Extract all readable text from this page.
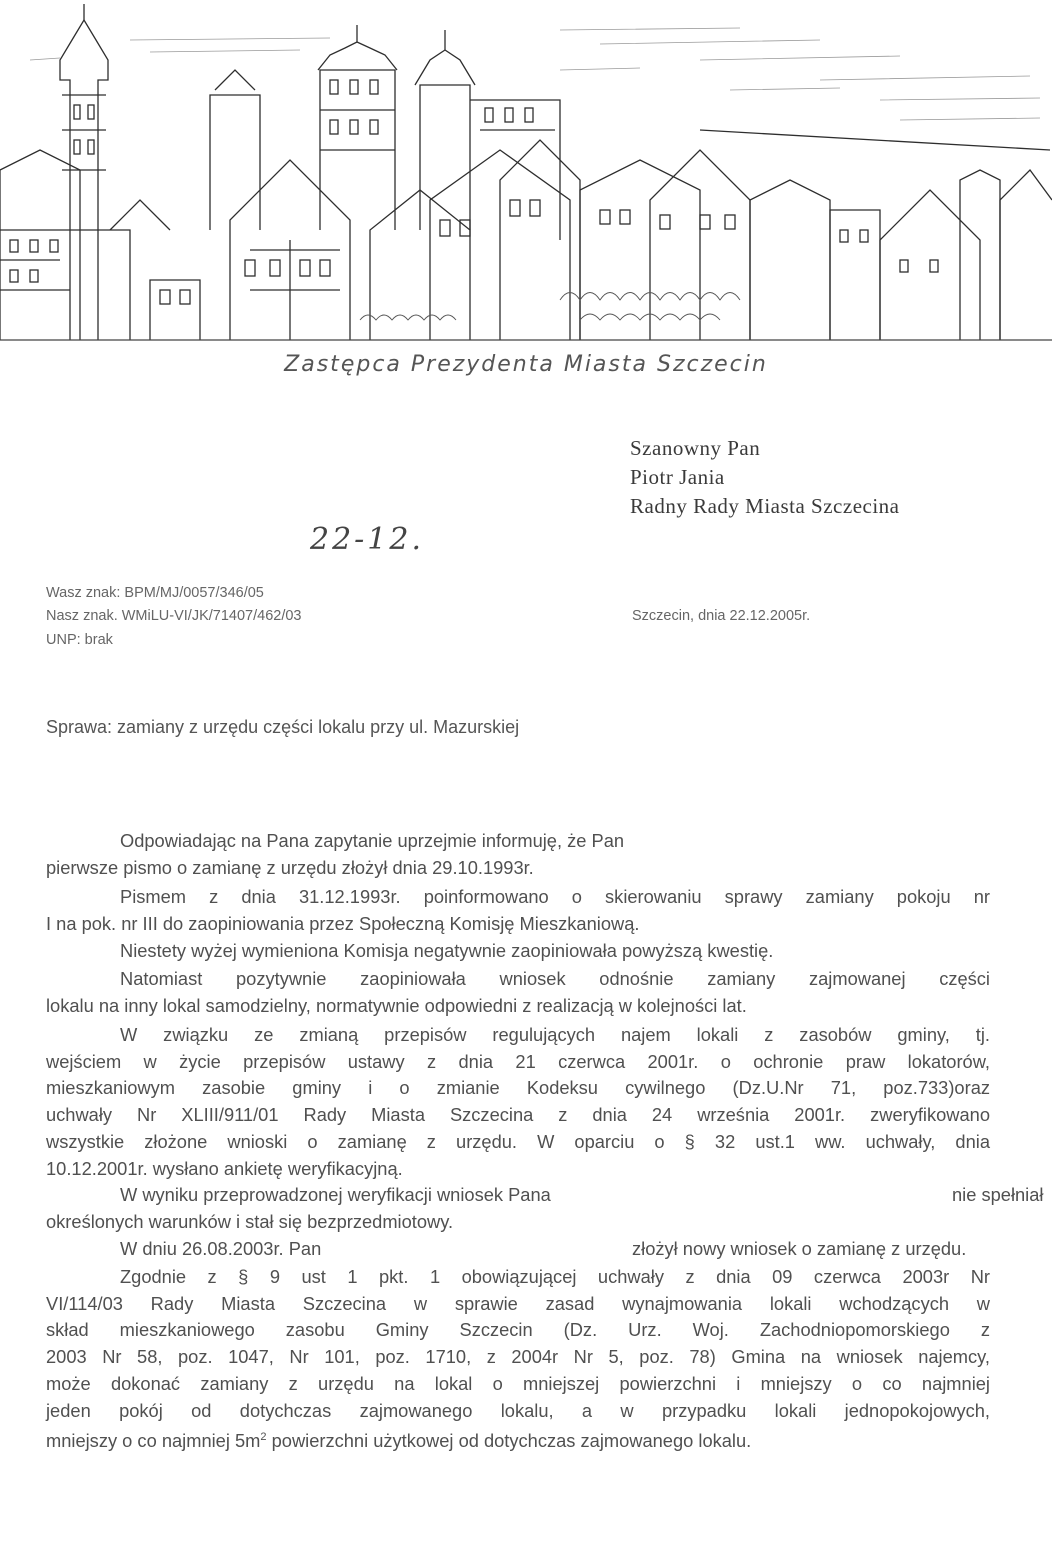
Zastępca Prezydenta Miasta Szczecin
Szanowny Pan
Piotr Jania
Radny Rady Miasta Szczecina
22-12.
Wasz znak: BPM/MJ/0057/346/05
Nasz znak. WMiLU-VI/JK/71407/462/03
UNP: brak
Szczecin, dnia 22.12.2005r.
Sprawa: zamiany z urzędu części lokalu przy ul. Mazurskiej
Odpowiadając na Pana zapytanie uprzejmie informuję, że Pan
pierwsze pismo o zamianę z urzędu złożył dnia 29.10.1993r.
Pismem z dnia 31.12.1993r. poinformowano o skierowaniu sprawy zamiany pokoju nr
I na pok. nr III do zaopiniowania przez Społeczną Komisję Mieszkaniową.
Niestety wyżej wymieniona Komisja negatywnie zaopiniowała powyższą kwestię.
Natomiast pozytywnie zaopiniowała wniosek odnośnie zamiany zajmowanej części
lokalu na inny lokal samodzielny, normatywnie odpowiedni z realizacją w kolejności lat.
W związku ze zmianą przepisów regulujących najem lokali z zasobów gminy, tj.
wejściem w życie przepisów ustawy z dnia 21 czerwca 2001r. o ochronie praw lokatorów,
mieszkaniowym zasobie gminy i o zmianie Kodeksu cywilnego (Dz.U.Nr 71, poz.733)oraz
uchwały Nr XLIII/911/01 Rady Miasta Szczecina z dnia 24 września 2001r. zweryfikowano
wszystkie złożone wnioski o zamianę z urzędu. W oparciu o § 32 ust.1 ww. uchwały, dnia
10.12.2001r. wysłano ankietę weryfikacyjną.
W wyniku przeprowadzonej weryfikacji wniosek Pana	nie spełniał
określonych warunków i stał się bezprzedmiotowy.
W dniu 26.08.2003r. Pan	złożył nowy wniosek o zamianę z urzędu.
Zgodnie z § 9 ust 1 pkt. 1 obowiązującej uchwały z dnia 09 czerwca 2003r Nr
VI/114/03 Rady Miasta Szczecina w sprawie zasad wynajmowania lokali wchodzących w
skład mieszkaniowego zasobu Gminy Szczecin (Dz. Urz. Woj. Zachodniopomorskiego z
2003 Nr 58, poz. 1047, Nr 101, poz. 1710, z 2004r Nr 5, poz. 78) Gmina na wniosek najemcy,
może dokonać zamiany z urzędu na lokal o mniejszej powierzchni i mniejszy o co najmniej
jeden pokój od dotychczas zajmowanego lokalu, a w przypadku lokali jednopokojowych,
mniejszy o co najmniej $5m^2$ powierzchni użytkowej od dotychczas zajmowanego lokalu.
